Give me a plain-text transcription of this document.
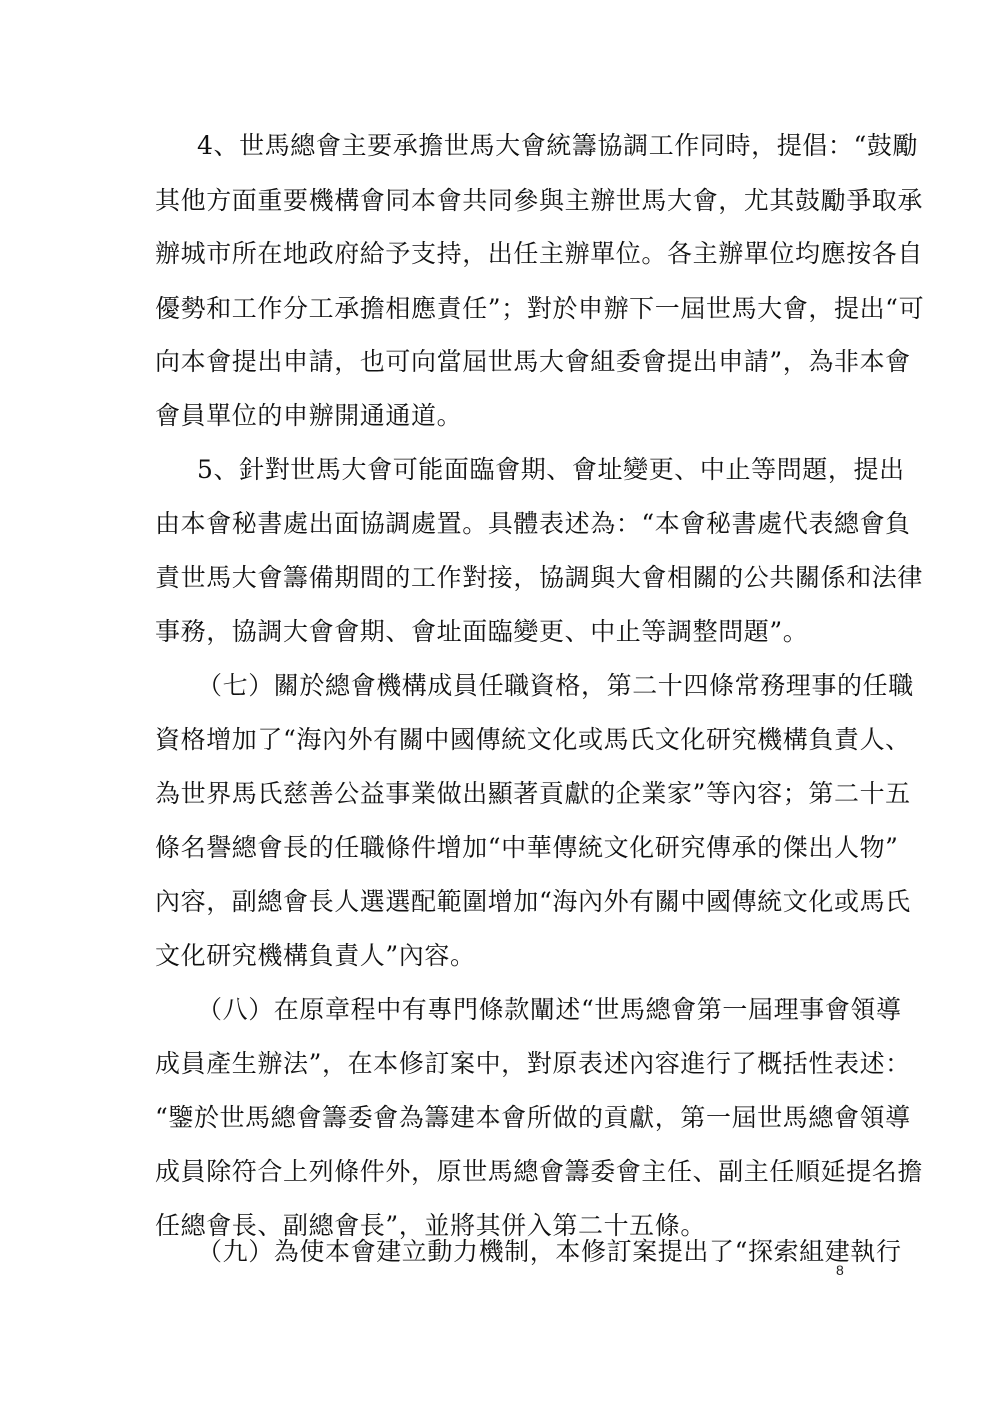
4、世馬總會主要承擔世馬大會統籌協調工作同時，提倡：“鼓勵
其他方面重要機構會同本會共同參與主辦世馬大會，尤其鼓勵爭取承
辦城市所在地政府給予支持，出任主辦單位。各主辦單位均應按各自
優勢和工作分工承擔相應責任”；對於申辦下一屆世馬大會，提出“可
向本會提出申請，也可向當屆世馬大會組委會提出申請”，為非本會
會員單位的申辦開通通道。
5、針對世馬大會可能面臨會期、會址變更、中止等問題，提出
由本會秘書處出面協調處置。具體表述為：“本會秘書處代表總會負
責世馬大會籌備期間的工作對接，協調與大會相關的公共關係和法律
事務，協調大會會期、會址面臨變更、中止等調整問題”。
（七）關於總會機構成員任職資格，第二十四條常務理事的任職
資格增加了“海內外有關中國傳統文化或馬氏文化研究機構負責人、
為世界馬氏慈善公益事業做出顯著貢獻的企業家”等內容；第二十五
條名譽總會長的任職條件增加“中華傳統文化研究傳承的傑出人物”
內容，副總會長人選選配範圍增加“海內外有關中國傳統文化或馬氏
文化研究機構負責人”內容。
（八）在原章程中有專門條款闡述“世馬總會第一屆理事會領導
成員產生辦法”，在本修訂案中，對原表述內容進行了概括性表述：
“鑒於世馬總會籌委會為籌建本會所做的貢獻，第一屆世馬總會領導
成員除符合上列條件外，原世馬總會籌委會主任、副主任順延提名擔
任總會長、副總會長”，並將其併入第二十五條。
（九）為使本會建立動力機制，本修訂案提出了“探索組建執行
8
